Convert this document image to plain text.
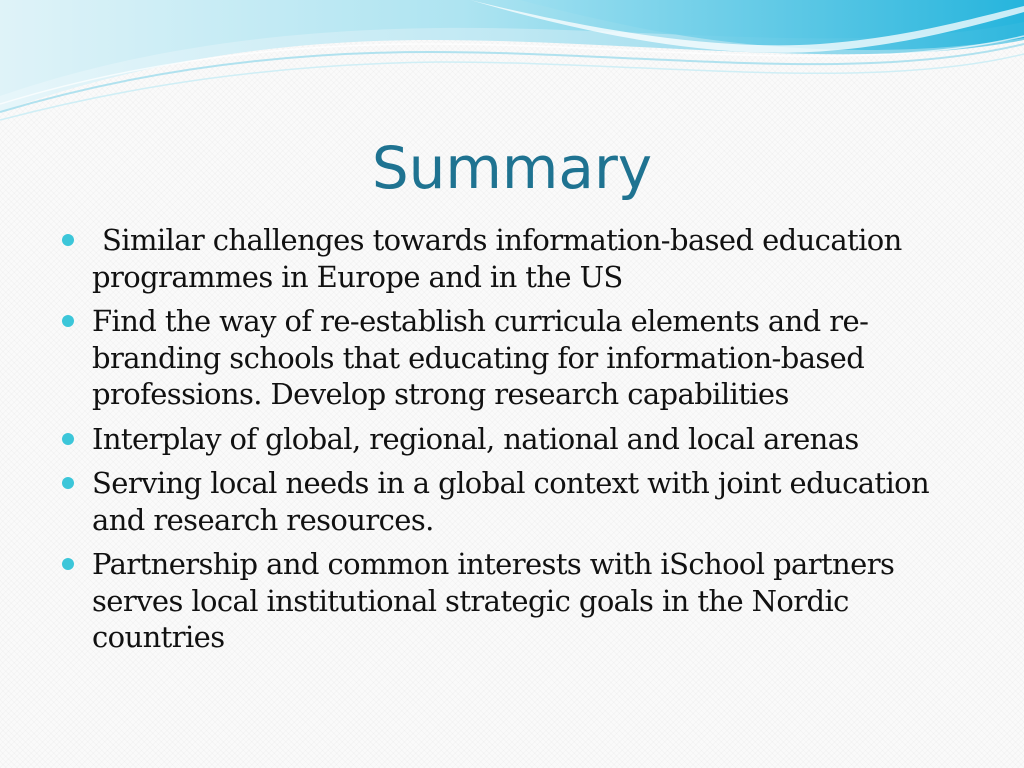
Summary
Similar challenges towards information-based education programmes in Europe and in the US
Find the way of re-establish curricula elements and re-branding schools that educating for information-based professions. Develop strong research capabilities
Interplay of global, regional, national and local arenas
Serving local needs in a global context with joint education and research resources.
Partnership and common interests with iSchool partners serves local institutional strategic goals in the Nordic countries
